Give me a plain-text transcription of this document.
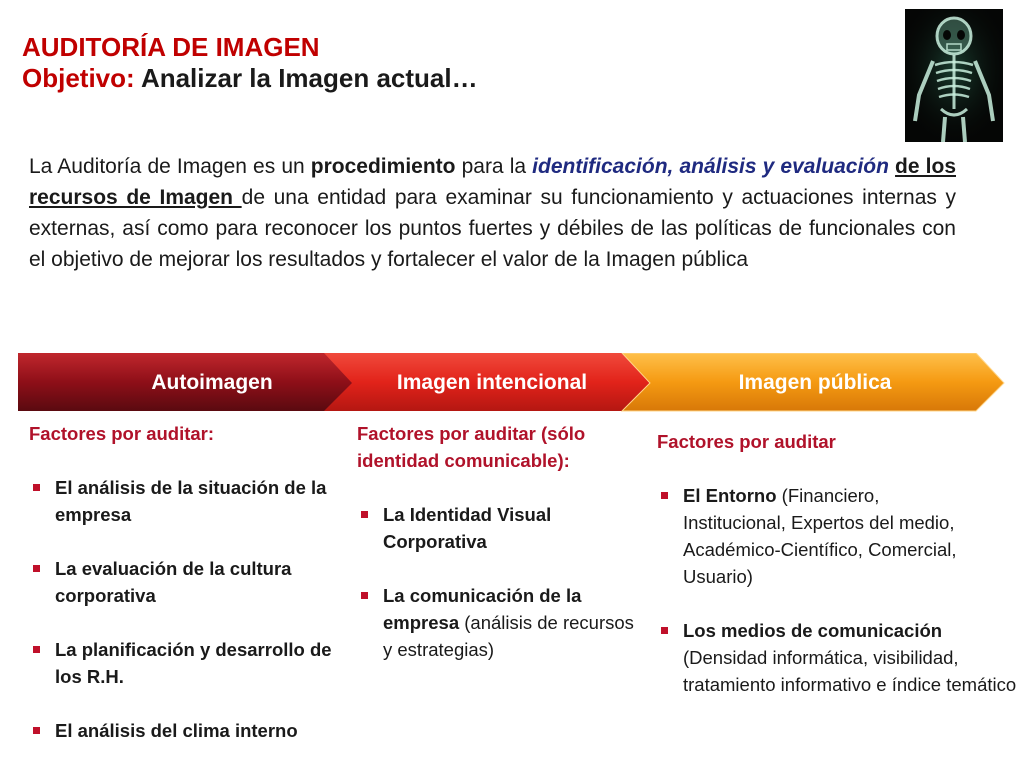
AUDITORÍA DE IMAGEN
Objetivo: Analizar la Imagen actual…
La Auditoría de Imagen es un procedimiento para la identificación, análisis y evaluación de los recursos de Imagen de una entidad para examinar su funcionamiento y actuaciones internas y externas, así como para reconocer los puntos fuertes y débiles de las políticas de funcionales con el objetivo de mejorar los resultados y fortalecer el valor de la Imagen pública
Autoimagen	Imagen intencional	Imagen pública
Factores por auditar:
El análisis de la situación de la empresa
La evaluación de la cultura corporativa
La planificación y desarrollo de los R.H.
El análisis del clima interno
Factores por auditar (sólo identidad comunicable):
La Identidad Visual Corporativa
La comunicación de la empresa (análisis de recursos y estrategias)
Factores por auditar
El Entorno (Financiero, Institucional, Expertos del medio, Académico-Científico, Comercial, Usuario)
Los medios de comunicación (Densidad informática, visibilidad, tratamiento informativo e índice temático
